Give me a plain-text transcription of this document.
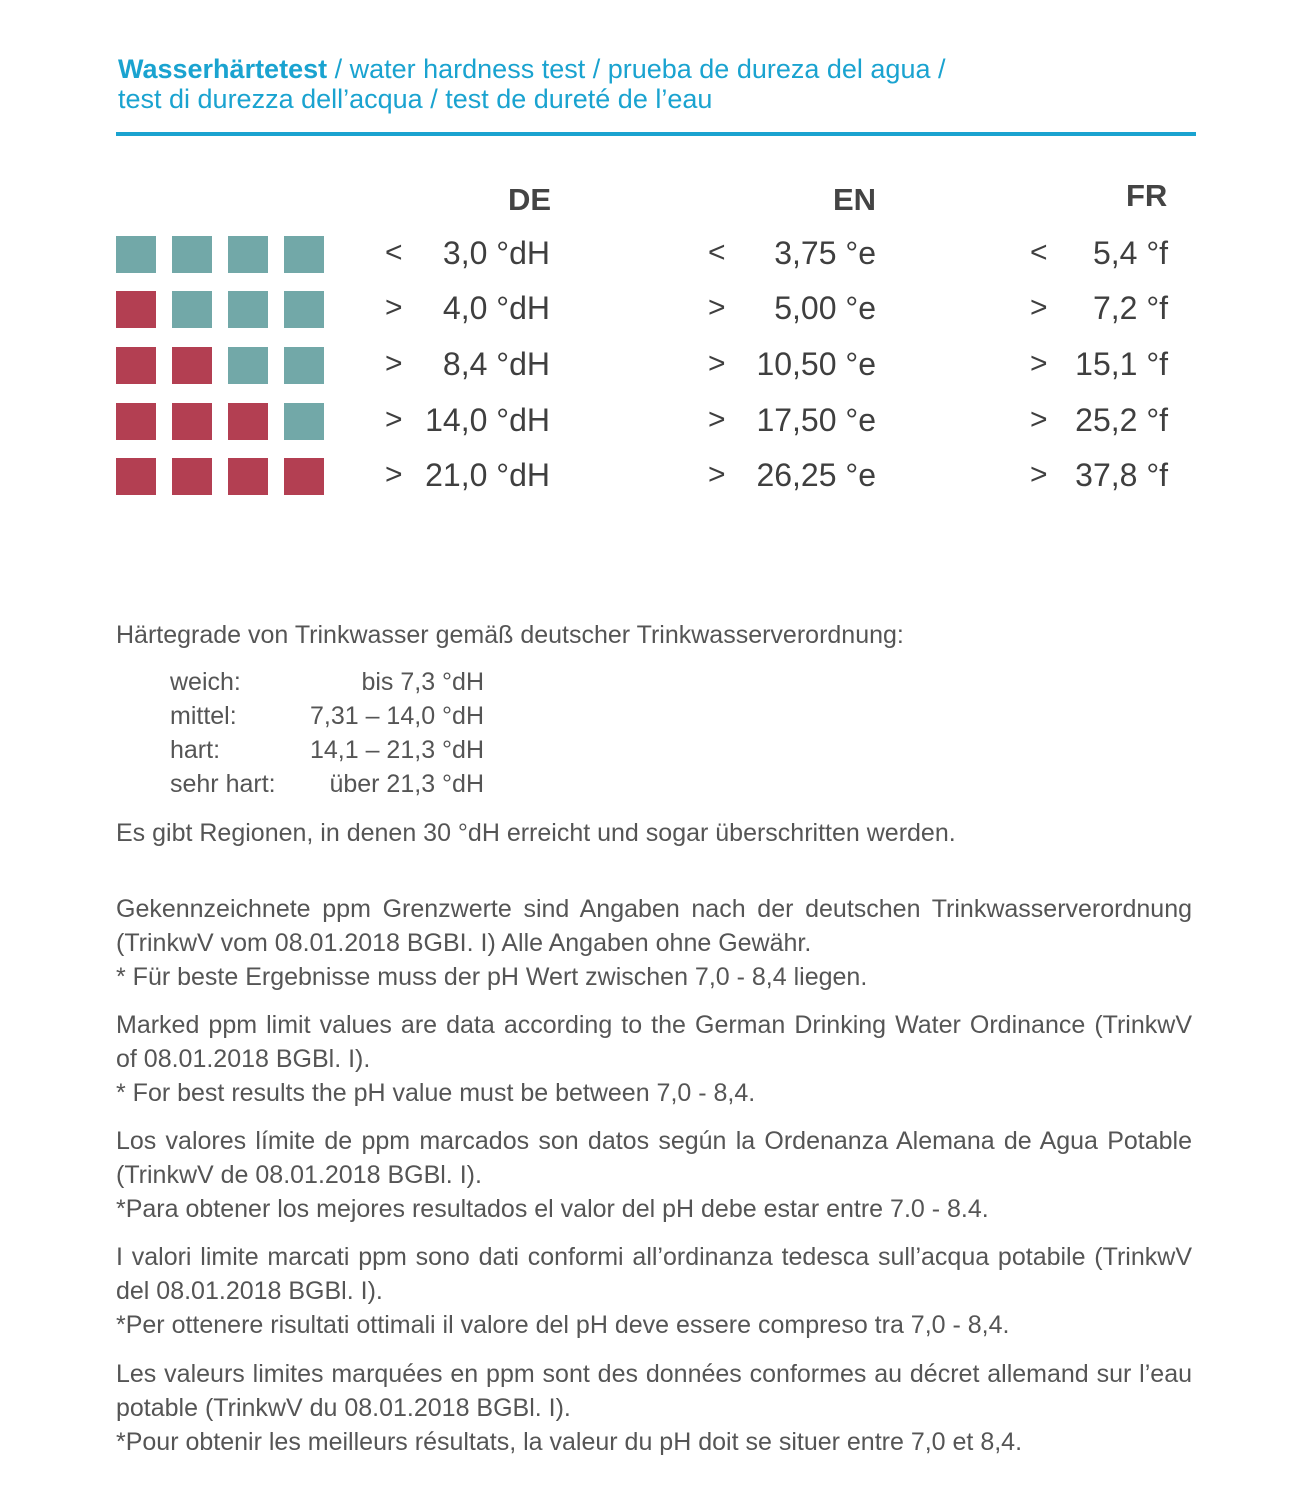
Wasserhärtetest / water hardness test / prueba de dureza del agua /
test di durezza dell’acqua / test de dureté de l’eau
DE	EN	FR
< 3,0 °dH	< 3,75 °e	< 5,4 °f
> 4,0 °dH	> 5,00 °e	> 7,2 °f
> 8,4 °dH	> 10,50 °e	> 15,1 °f
> 14,0 °dH	> 17,50 °e	> 25,2 °f
> 21,0 °dH	> 26,25 °e	> 37,8 °f
Härtegrade von Trinkwasser gemäß deutscher Trinkwasserverordnung:
weich:	bis 7,3 °dH
mittel:	7,31 – 14,0 °dH
hart:	14,1 – 21,3 °dH
sehr hart: über 21,3 °dH
Es gibt Regionen, in denen 30 °dH erreicht und sogar überschritten werden.
Gekennzeichnete ppm Grenzwerte sind Angaben nach der deutschen Trinkwasserverordnung (TrinkwV vom 08.01.2018 BGBI. I) Alle Angaben ohne Gewähr.
* Für beste Ergebnisse muss der pH Wert zwischen 7,0 - 8,4 liegen.
Marked ppm limit values are data according to the German Drinking Water Ordinance (TrinkwV of 08.01.2018 BGBl. I).
* For best results the pH value must be between 7,0 - 8,4.
Los valores límite de ppm marcados son datos según la Ordenanza Alemana de Agua Potable (TrinkwV de 08.01.2018 BGBl. I).
*Para obtener los mejores resultados el valor del pH debe estar entre 7.0 - 8.4.
I valori limite marcati ppm sono dati conformi all’ordinanza tedesca sull’acqua potabile (TrinkwV del 08.01.2018 BGBl. I).
*Per ottenere risultati ottimali il valore del pH deve essere compreso tra 7,0 - 8,4.
Les valeurs limites marquées en ppm sont des données conformes au décret allemand sur l’eau potable (TrinkwV du 08.01.2018 BGBl. I).
*Pour obtenir les meilleurs résultats, la valeur du pH doit se situer entre 7,0 et 8,4.
